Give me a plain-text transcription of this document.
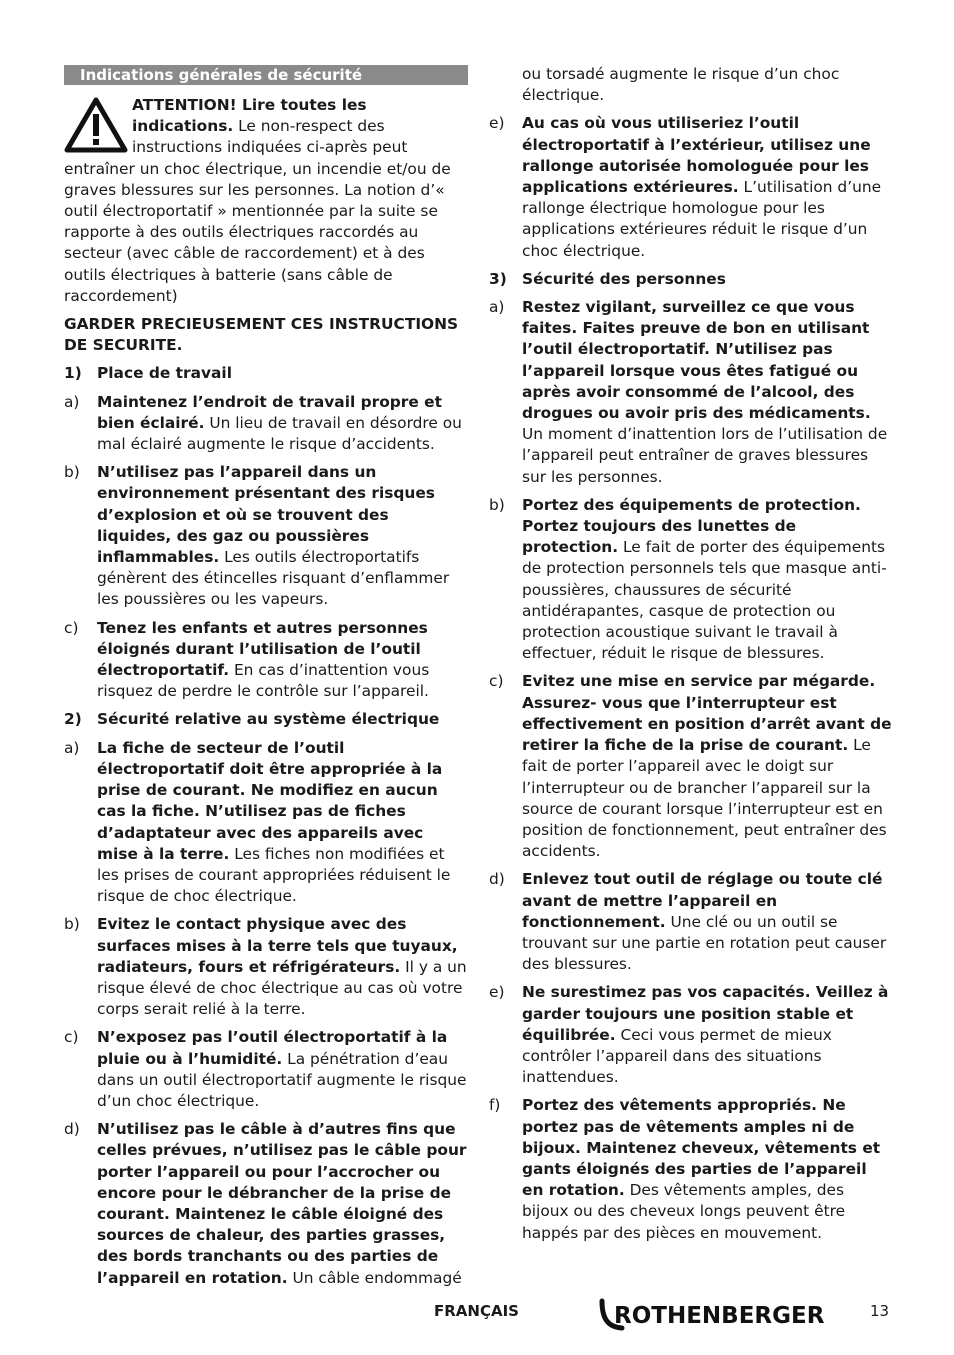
Indications générales de sécurité

ATTENTION! Lire toutes les indications. Le non-respect des instructions indiquées ci-après peut entraîner un choc électrique, un incendie et/ou de graves blessures sur les personnes. La notion d’« outil électroportatif » mentionnée par la suite se rapporte à des outils électriques raccordés au secteur (avec câble de raccordement) et à des outils électriques à batterie (sans câble de raccordement)

GARDER PRECIEUSEMENT CES INSTRUCTIONS DE SECURITE.

1) Place de travail
a) Maintenez l’endroit de travail propre et bien éclairé. Un lieu de travail en désordre ou mal éclairé augmente le risque d’accidents.
b) N’utilisez pas l’appareil dans un environnement présentant des risques d’explosion et où se trouvent des liquides, des gaz ou poussières inflammables. Les outils électroportatifs génèrent des étincelles risquant d’enflammer les poussières ou les vapeurs.
c) Tenez les enfants et autres personnes éloignés durant l’utilisation de l’outil électroportatif. En cas d’inattention vous risquez de perdre le contrôle sur l’appareil.
2) Sécurité relative au système électrique
a) La fiche de secteur de l’outil électroportatif doit être appropriée à la prise de courant. Ne modifiez en aucun cas la fiche. N’utilisez pas de fiches d’adaptateur avec des appareils avec mise à la terre. Les fiches non modifiées et les prises de courant appropriées réduisent le risque de choc électrique.
b) Evitez le contact physique avec des surfaces mises à la terre tels que tuyaux, radiateurs, fours et réfrigérateurs. Il y a un risque élevé de choc électrique au cas où votre corps serait relié à la terre.
c) N’exposez pas l’outil électroportatif à la pluie ou à l’humidité. La pénétration d’eau dans un outil électroportatif augmente le risque d’un choc électrique.
d) N’utilisez pas le câble à d’autres fins que celles prévues, n’utilisez pas le câble pour porter l’appareil ou pour l’accrocher ou encore pour le débrancher de la prise de courant. Maintenez le câble éloigné des sources de chaleur, des parties grasses, des bords tranchants ou des parties de l’appareil en rotation. Un câble endommagé

ou torsadé augmente le risque d’un choc électrique.

e) Au cas où vous utiliseriez l’outil électroportatif à l’extérieur, utilisez une rallonge autorisée homologuée pour les applications extérieures. L’utilisation d’une rallonge électrique homologue pour les applications extérieures réduit le risque d’un choc électrique.
3) Sécurité des personnes
a) Restez vigilant, surveillez ce que vous faites. Faites preuve de bon en utilisant l’outil électroportatif. N’utilisez pas l’appareil lorsque vous êtes fatigué ou après avoir consommé de l’alcool, des drogues ou avoir pris des médicaments. Un moment d’inattention lors de l’utilisation de l’appareil peut entraîner de graves blessures sur les personnes.
b) Portez des équipements de protection. Portez toujours des lunettes de protection. Le fait de porter des équipements de protection personnels tels que masque anti-poussières, chaussures de sécurité antidérapantes, casque de protection ou protection acoustique suivant le travail à effectuer, réduit le risque de blessures.
c) Evitez une mise en service par mégarde. Assurez- vous que l’interrupteur est effectivement en position d’arrêt avant de retirer la fiche de la prise de courant. Le fait de porter l’appareil avec le doigt sur l’interrupteur ou de brancher l’appareil sur la source de courant lorsque l’interrupteur est en position de fonctionnement, peut entraîner des accidents.
d) Enlevez tout outil de réglage ou toute clé avant de mettre l’appareil en fonctionnement. Une clé ou un outil se trouvant sur une partie en rotation peut causer des blessures.
e) Ne surestimez pas vos capacités. Veillez à garder toujours une position stable et équilibrée. Ceci vous permet de mieux contrôler l’appareil dans des situations inattendues.
f) Portez des vêtements appropriés. Ne portez pas de vêtements amples ni de bijoux. Maintenez cheveux, vêtements et gants éloignés des parties de l’appareil en rotation. Des vêtements amples, des bijoux ou des cheveux longs peuvent être happés par des pièces en mouvement.
FRANÇAIS	ROTHENBERGER	13
